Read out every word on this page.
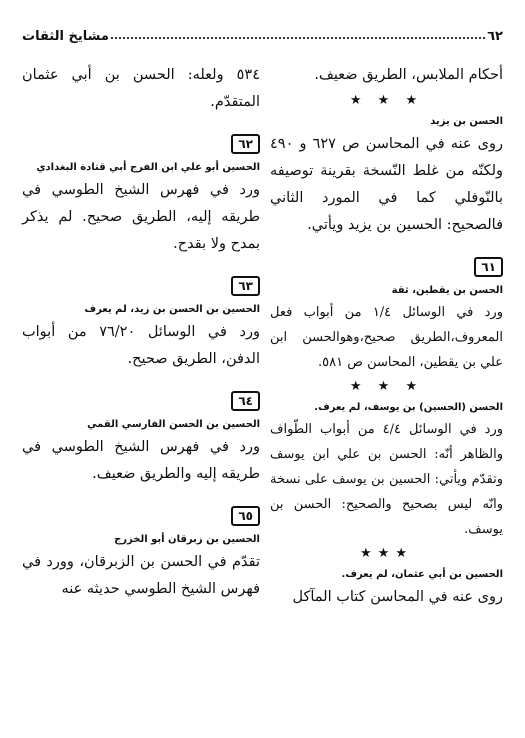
٦٢
مشايخ الثقات

أحكام الملابس، الطريق ضعيف.

★ ★ ★
الحسن بن يزيد

روى عنه في المحاسن ص ٦٢٧ و ٤٩٠ ولكنّه من غلط النّسخة بقرينة توصيفه بالنّوفلي كما في المورد الثاني فالصحيح: الحسين بن يزيد ويأتي.

٦١
الحسن بن يقطين، ثقة

ورد في الوسائل ١/٤ من أبواب فعل المعروف،الطريق صحيح،وهوالحسن ابن علي بن يقطين، المحاسن ص ٥٨١.

★ ★ ★
الحسن (الحسين) بن يوسف، لم يعرف.

ورد في الوسائل ٤/٤ من أبواب الطّواف والظاهر أنّه: الحسن بن علي ابن يوسف وتقدّم ويأتي: الحسين بن يوسف على نسخة وانّه ليس بصحيح والصحيح: الحسن بن يوسف.

★★★
الحسين بن أبي عثمان، لم يعرف.

روى عنه في المحاسن كتاب المآكل

٥٣٤ ولعله: الحسن بن أبي عثمان المتقدّم.

٦٢
الحسين أبو علي ابن الفرج أبي قتادة البغدادي

ورد في فهرس الشيخ الطوسي في طريقه إليه، الطريق صحيح. لم يذكر بمدح ولا بقدح.

٦٣
الحسين بن الحسن بن زيد، لم يعرف

ورد في الوسائل ٧٦/٢٠ من أبواب الدفن، الطريق صحيح.

٦٤
الحسين بن الحسن الفارسي القمي

ورد في فهرس الشيخ الطوسي في طريقه إليه والطريق ضعيف.

٦٥
الحسين بن زبرقان أبو الخزرج

تقدّم في الحسن بن الزبرقان، وورد في فهرس الشيخ الطوسي حديثه عنه
